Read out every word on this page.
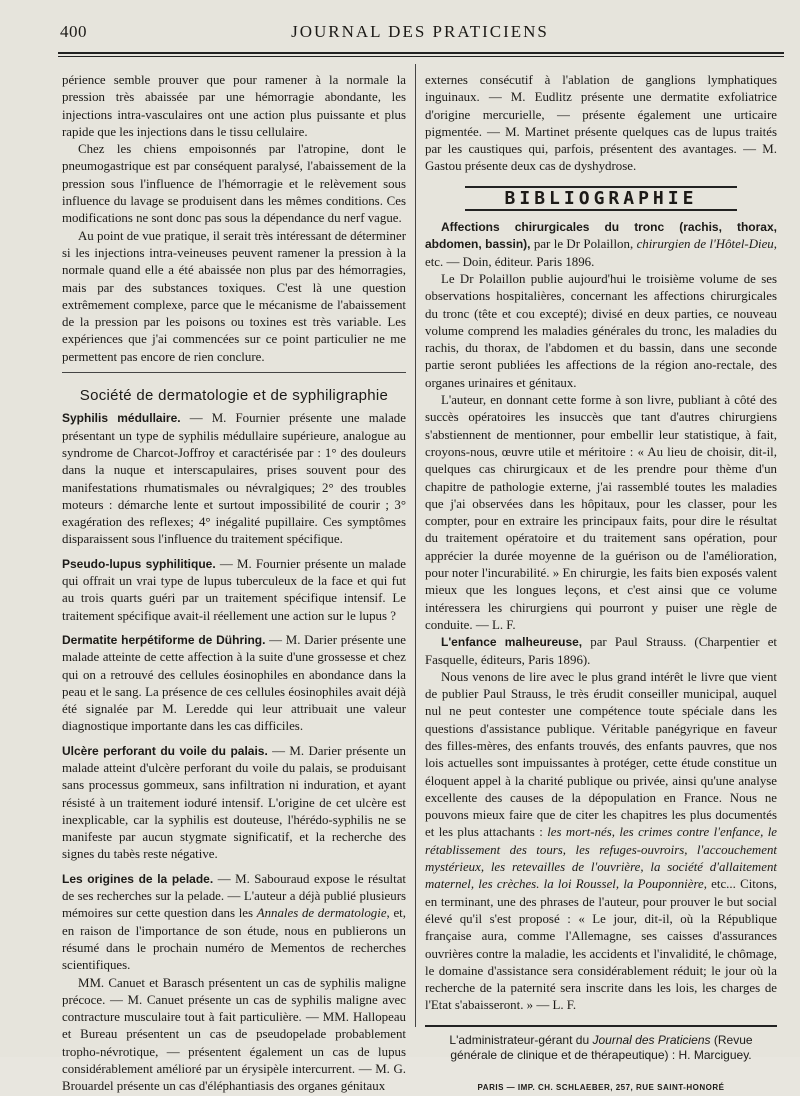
400	JOURNAL DES PRATICIENS

périence semble prouver que pour ramener à la normale la pression très abaissée par une hémorragie abondante, les injections intra-vasculaires ont une action plus puissante et plus rapide que les injections dans le tissu cellulaire.

Chez les chiens empoisonnés par l'atropine, dont le pneumogastrique est par conséquent paralysé, l'abaissement de la pression sous l'influence de l'hémorragie et le relèvement sous influence du lavage se produisent dans les mêmes conditions. Ces modifications ne sont donc pas sous la dépendance du nerf vague.

Au point de vue pratique, il serait très intéressant de déterminer si les injections intra-veineuses peuvent ramener la pression à la normale quand elle a été abaissée non plus par des hémorragies, mais par des substances toxiques. C'est là une question extrêmement complexe, parce que le mécanisme de l'abaissement de la pression par les poisons ou toxines est très variable. Les expériences que j'ai commencées sur ce point particulier ne me permettent pas encore de rien conclure.

Société de dermatologie et de syphiligraphie

Syphilis médullaire. — M. Fournier présente une malade présentant un type de syphilis médullaire supérieure, analogue au syndrome de Charcot-Joffroy et caractérisée par : 1° des douleurs dans la nuque et interscapulaires, prises souvent pour des manifestations rhumatismales ou névralgiques; 2° des troubles moteurs : démarche lente et surtout impossibilité de courir ; 3° exagération des reflexes; 4° inégalité pupillaire. Ces symptômes disparaissent sous l'influence du traitement spécifique.

Pseudo-lupus syphilitique. — M. Fournier présente un malade qui offrait un vrai type de lupus tuberculeux de la face et qui fut au trois quarts guéri par un traitement spécifique intensif. Le traitement spécifique avait-il réellement une action sur le lupus ?

Dermatite herpétiforme de Dühring. — M. Darier présente une malade atteinte de cette affection à la suite d'une grossesse et chez qui on a retrouvé des cellules éosinophiles en abondance dans la peau et le sang. La présence de ces cellules éosinophiles avait déjà été signalée par M. Leredde qui leur attribuait une valeur diagnostique importante dans les cas difficiles.

Ulcère perforant du voile du palais. — M. Darier présente un malade atteint d'ulcère perforant du voile du palais, se produisant sans processus gommeux, sans infiltration ni induration, et ayant résisté à un traitement ioduré intensif. L'origine de cet ulcère est inexplicable, car la syphilis est douteuse, l'hérédo-syphilis ne se manifeste par aucun stygmate significatif, et la recherche des signes du tabès reste négative.

Les origines de la pelade. — M. Sabouraud expose le résultat de ses recherches sur la pelade. — L'auteur a déjà publié plusieurs mémoires sur cette question dans les Annales de dermatologie, et, en raison de l'importance de son étude, nous en publierons un résumé dans le prochain numéro de Mementos de recherches scientifiques.

MM. Canuet et Barasch présentent un cas de syphilis maligne précoce. — M. Canuet présente un cas de syphilis maligne avec contracture musculaire tout à fait particulière. — MM. Hallopeau et Bureau présentent un cas de pseudopelade probablement tropho-névrotique, — présentent également un cas de lupus considérablement amélioré par un érysipèle intercurrent. — M. G. Brouardel présente un cas d'éléphantiasis des organes génitaux

externes consécutif à l'ablation de ganglions lymphatiques inguinaux. — M. Eudlitz présente une dermatite exfoliatrice d'origine mercurielle, — présente également une urticaire pigmentée. — M. Martinet présente quelques cas de lupus traités par les caustiques qui, parfois, présentent des avantages. — M. Gastou présente deux cas de dyshydrose.

BIBLIOGRAPHIE

Affections chirurgicales du tronc (rachis, thorax, abdomen, bassin), par le Dr Polaillon, chirurgien de l'Hôtel-Dieu, etc. — Doin, éditeur. Paris 1896.

Le Dr Polaillon publie aujourd'hui le troisième volume de ses observations hospitalières, concernant les affections chirurgicales du tronc (tête et cou excepté); divisé en deux parties, ce nouveau volume comprend les maladies générales du tronc, les maladies du rachis, du thorax, de l'abdomen et du bassin, dans une seconde partie seront publiées les affections de la région ano-rectale, des organes urinaires et génitaux.

L'auteur, en donnant cette forme à son livre, publiant à côté des succès opératoires les insuccès que tant d'autres chirurgiens s'abstiennent de mentionner, pour embellir leur statistique, à fait, croyons-nous, œuvre utile et méritoire : « Au lieu de choisir, dit-il, quelques cas chirurgicaux et de les prendre pour thème d'un chapitre de pathologie externe, j'ai rassemblé toutes les maladies que j'ai observées dans les hôpitaux, pour les classer, pour les compter, pour en extraire les principaux faits, pour dire le résultat du traitement opératoire et du traitement sans opération, pour apprécier la durée moyenne de la guérison ou de l'amélioration, pour noter l'incurabilité. » En chirurgie, les faits bien exposés valent mieux que les longues leçons, et c'est ainsi que ce volume intéressera les chirurgiens qui pourront y puiser une règle de conduite. — L. F.

L'enfance malheureuse, par Paul Strauss. (Charpentier et Fasquelle, éditeurs, Paris 1896).

Nous venons de lire avec le plus grand intérêt le livre que vient de publier Paul Strauss, le très érudit conseiller municipal, auquel nul ne peut contester une compétence toute spéciale dans les questions d'assistance publique. Véritable panégyrique en faveur des filles-mères, des enfants trouvés, des enfants pauvres, que nos lois actuelles sont impuissantes à protéger, cette étude constitue un éloquent appel à la charité publique ou privée, ainsi qu'une analyse excellente des causes de la dépopulation en France. Nous ne pouvons mieux faire que de citer les chapitres les plus documentés et les plus attachants : les mort-nés, les crimes contre l'enfance, le rétablissement des tours, les refuges-ouvroirs, l'accouchement mystérieux, les retevailles de l'ouvrière, la société d'allaitement maternel, les crèches. la loi Roussel, la Pouponnière, etc... Citons, en terminant, une des phrases de l'auteur, pour prouver le but social élevé qu'il s'est proposé : « Le jour, dit-il, où la République française aura, comme l'Allemagne, ses caisses d'assurances ouvrières contre la maladie, les accidents et l'invalidité, le chômage, le domaine d'assistance sera considérablement réduit; le jour où la recherche de la paternité sera inscrite dans les lois, les charges de l'Etat s'abaisseront. » — L. F.

L'administrateur-gérant du Journal des Praticiens (Revue générale de clinique et de thérapeutique) : H. Marciguey.
PARIS — IMP. CH. SCHLAEBER, 257, RUE SAINT-HONORÉ
